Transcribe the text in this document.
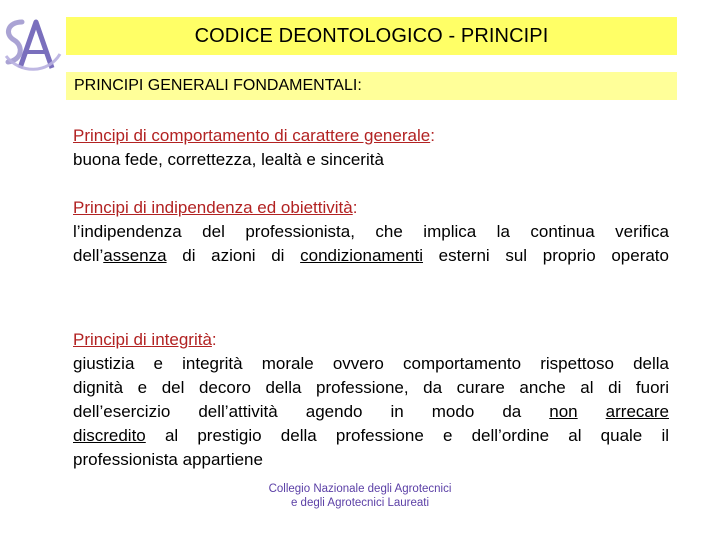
CODICE DEONTOLOGICO - PRINCIPI
PRINCIPI GENERALI FONDAMENTALI :
Principi di comportamento di carattere generale:
buona fede, correttezza, lealtà e sincerità
Principi di indipendenza ed obiettività:
l’indipendenza del professionista, che implica la continua verifica
dell’assenza di azioni di condizionamenti esterni sul proprio operato
Principi di integrità:
giustizia e integrità morale ovvero comportamento rispettoso della
dignità e del decoro della professione, da curare anche al di fuori
dell’esercizio dell’attività agendo in modo da non arrecare
discredito al prestigio della professione e dell’ordine al quale il
professionista appartiene
Collegio Nazionale degli Agrotecnici
e degli Agrotecnici Laureati
